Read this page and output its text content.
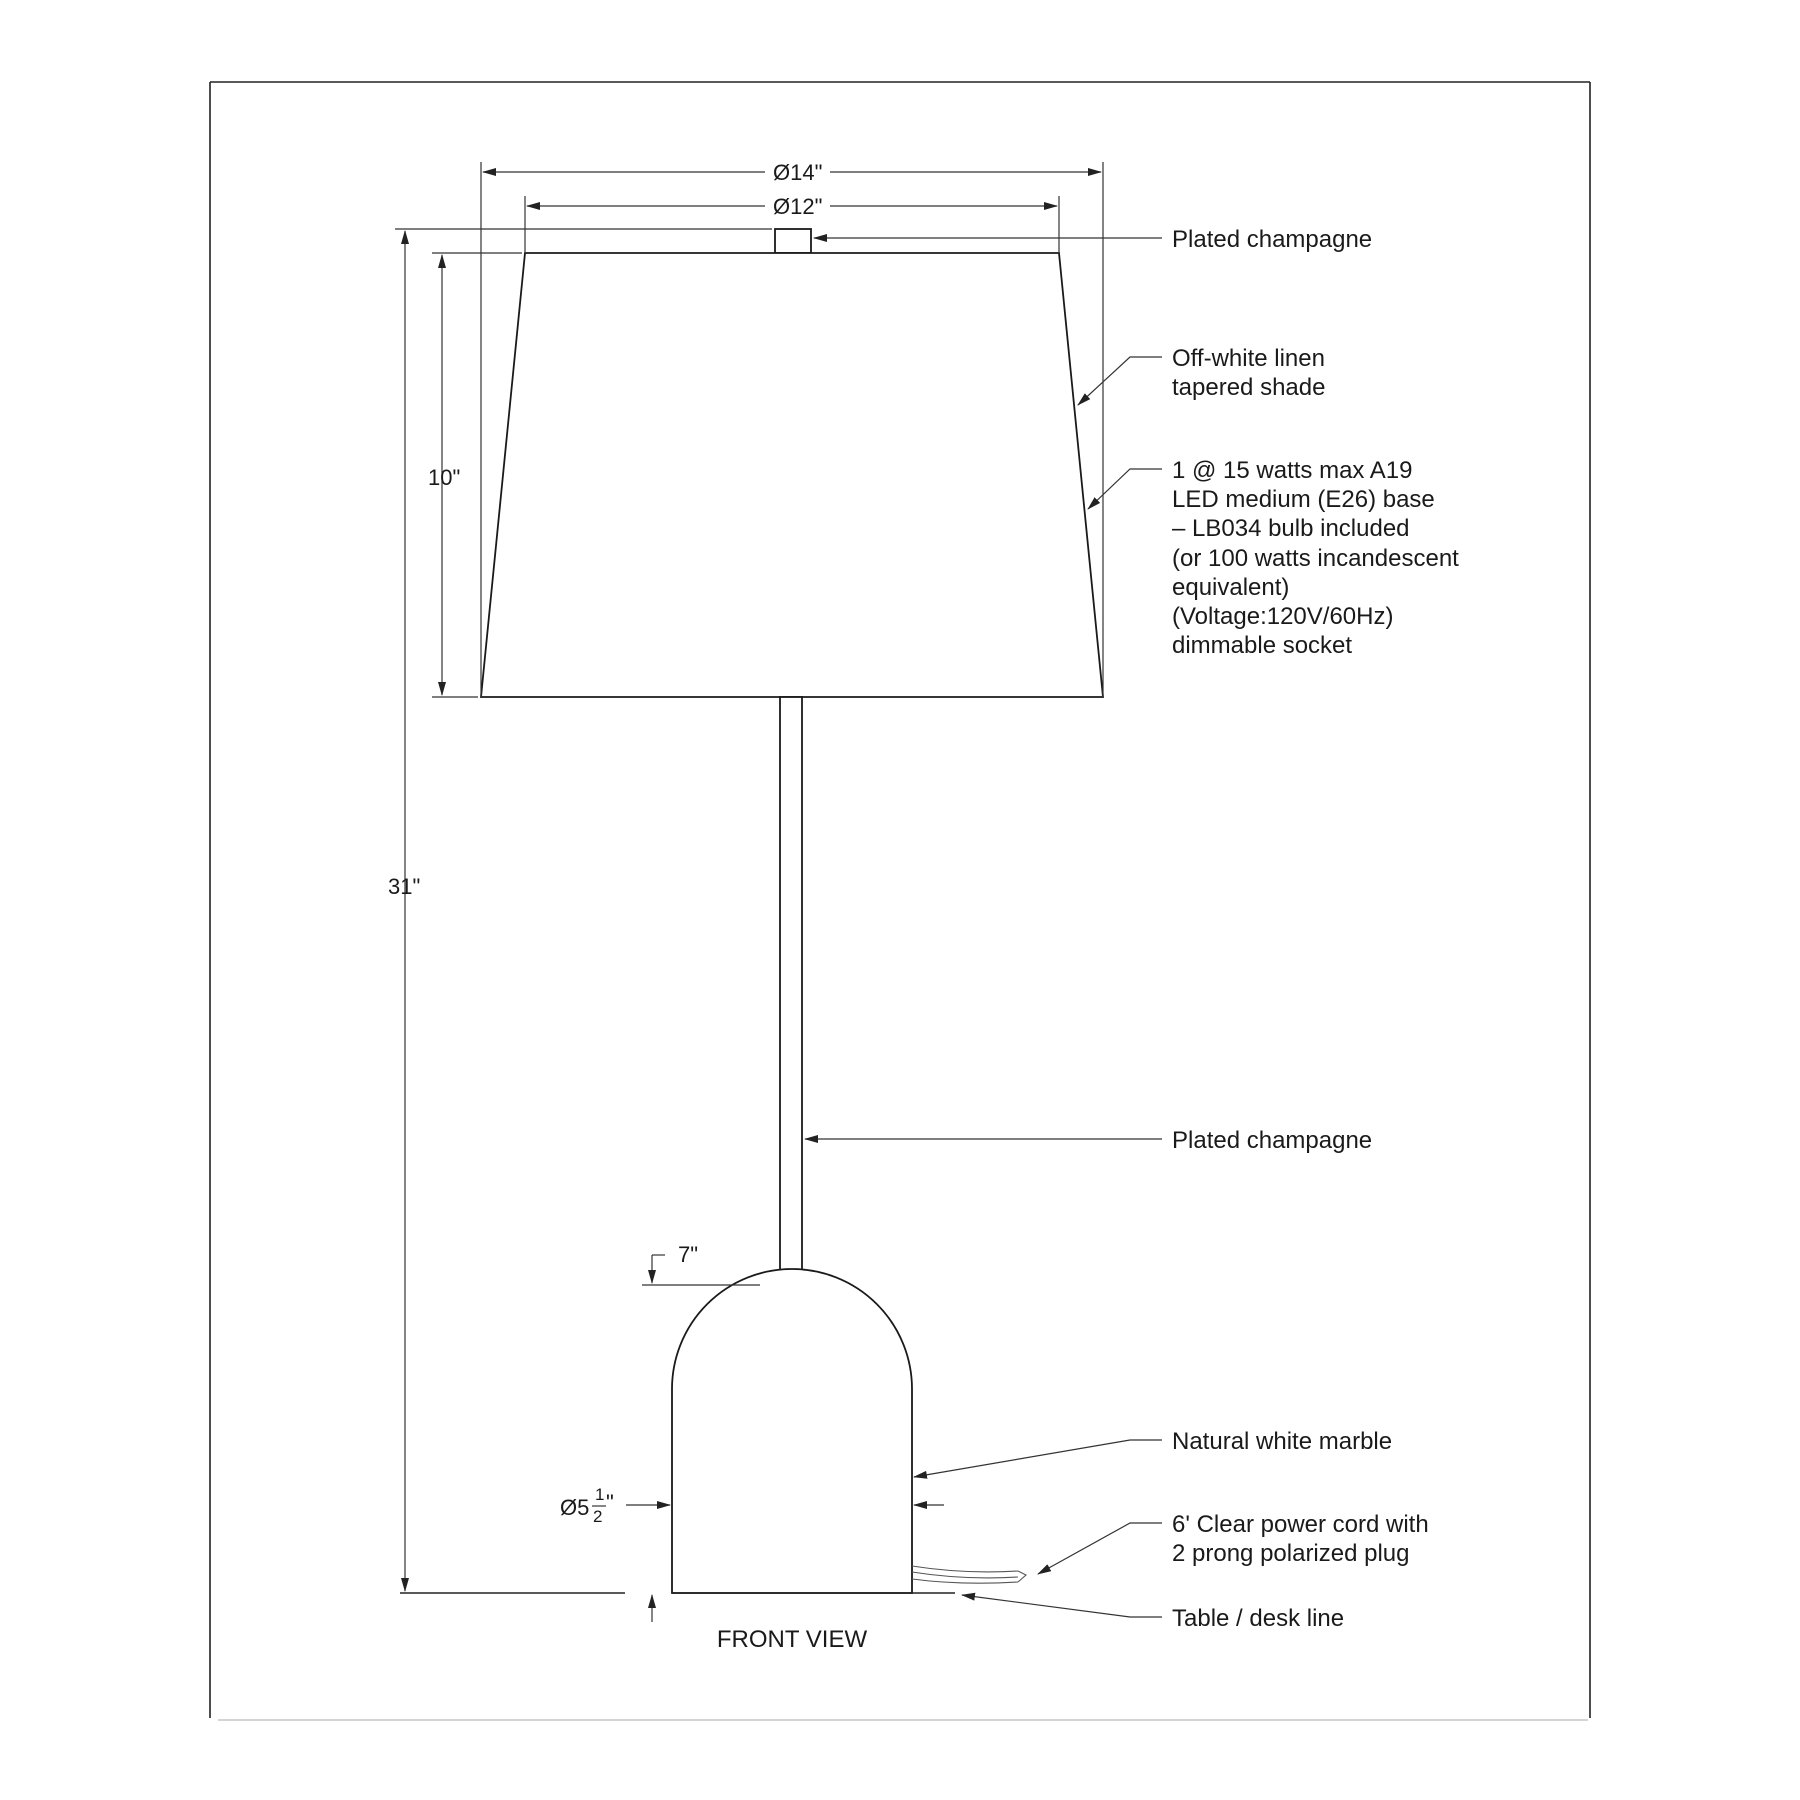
Ø14"
Ø12"
10"
31"
7"
Ø5
1
2
"
Plated champagne
Off-white linen
tapered shade
1 @ 15 watts max A19
LED medium (E26) base
– LB034 bulb included
(or 100 watts incandescent
equivalent)
(Voltage:120V/60Hz)
dimmable socket
Plated champagne
Natural white marble
6' Clear power cord with
2 prong polarized plug
Table / desk line
FRONT VIEW
